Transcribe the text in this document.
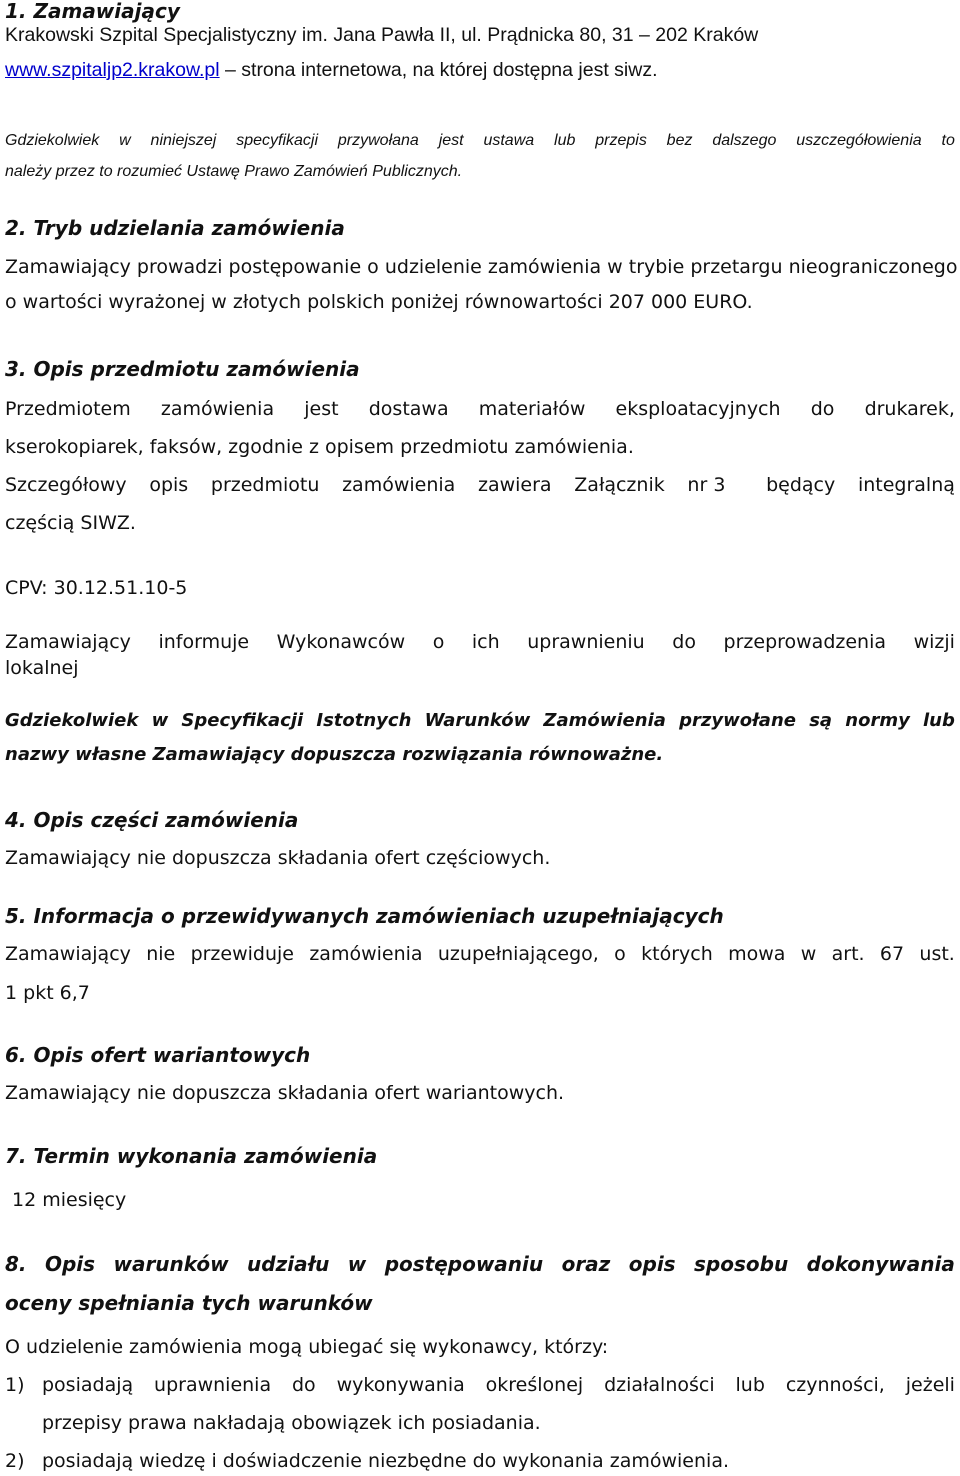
1. Zamawiający
Krakowski Szpital Specjalistyczny im. Jana Pawła II, ul. Prądnicka 80, 31 – 202 Kraków
www.szpitaljp2.krakow.pl – strona internetowa, na której dostępna jest siwz.
Gdziekolwiek w niniejszej specyfikacji przywołana jest ustawa lub przepis bez dalszego uszczegółowienia to
należy przez to rozumieć Ustawę Prawo Zamówień Publicznych.
2. Tryb udzielania zamówienia
Zamawiający prowadzi postępowanie o udzielenie zamówienia w trybie przetargu nieograniczonego
o wartości wyrażonej w złotych polskich poniżej równowartości 207 000 EURO.
3. Opis przedmiotu zamówienia
Przedmiotem zamówienia jest dostawa materiałów eksploatacyjnych do drukarek,
kserokopiarek, faksów, zgodnie z opisem przedmiotu zamówienia.
Szczegółowy opis przedmiotu zamówienia zawiera Załącznik nr 3 będący integralną
częścią SIWZ.
CPV: 30.12.51.10-5
Zamawiający informuje Wykonawców o ich uprawnieniu do przeprowadzenia wizji
lokalnej
Gdziekolwiek w Specyfikacji Istotnych Warunków Zamówienia przywołane są normy lub
nazwy własne Zamawiający dopuszcza rozwiązania równoważne.
4. Opis części zamówienia
Zamawiający nie dopuszcza składania ofert częściowych.
5. Informacja o przewidywanych zamówieniach uzupełniających
Zamawiający nie przewiduje zamówienia uzupełniającego, o których mowa w art. 67 ust.
1 pkt 6,7
6. Opis ofert wariantowych
Zamawiający nie dopuszcza składania ofert wariantowych.
7. Termin wykonania zamówienia
12 miesięcy
8. Opis warunków udziału w postępowaniu oraz opis sposobu dokonywania
oceny spełniania tych warunków
O udzielenie zamówienia mogą ubiegać się wykonawcy, którzy:
1) posiadają uprawnienia do wykonywania określonej działalności lub czynności, jeżeli
przepisy prawa nakładają obowiązek ich posiadania.
2) posiadają wiedzę i doświadczenie niezbędne do wykonania zamówienia.
